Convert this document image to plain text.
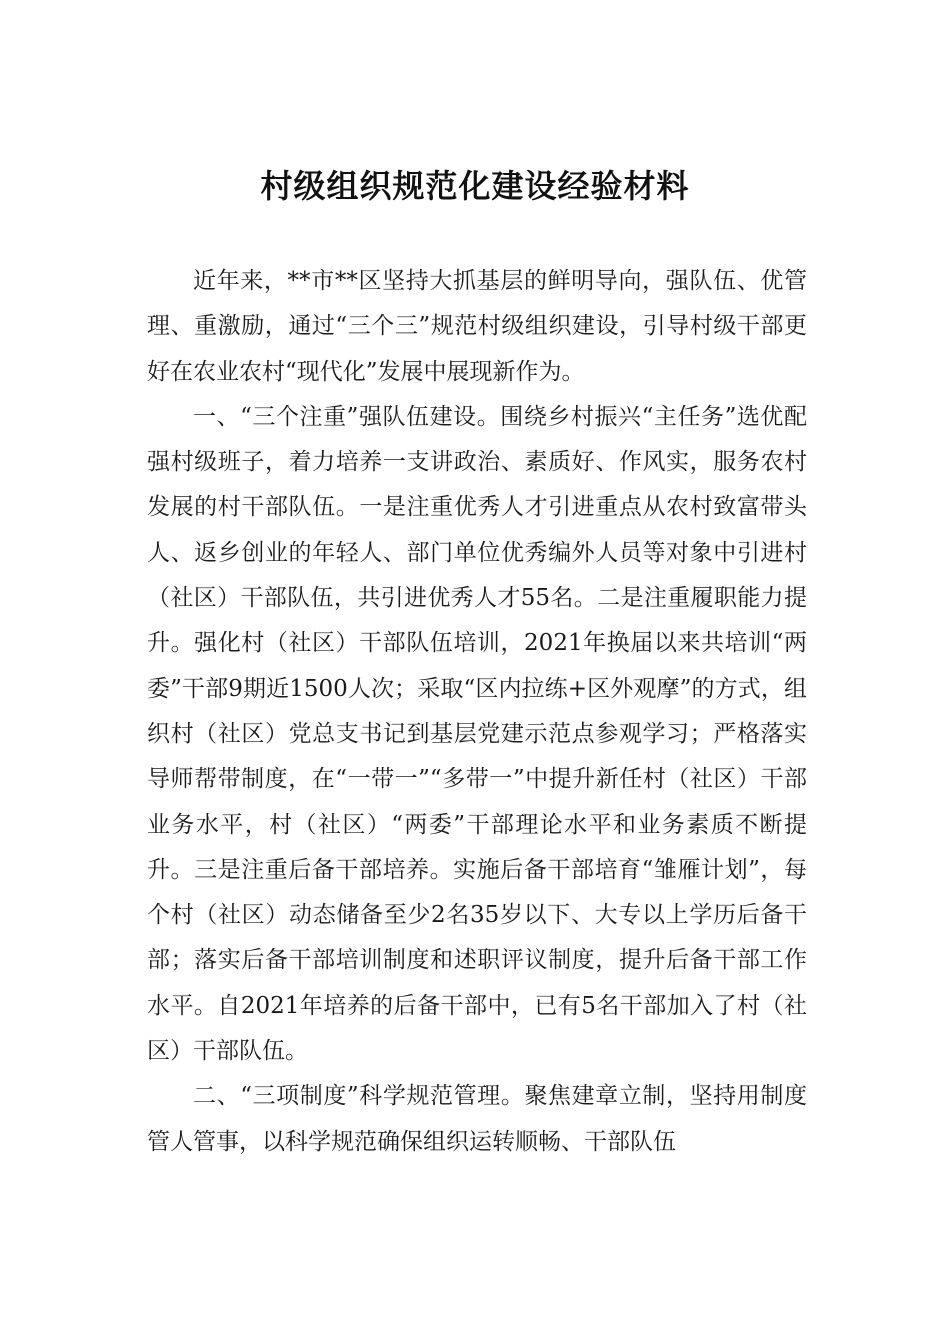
村级组织规范化建设经验材料

近年来，**市**区坚持大抓基层的鲜明导向，强队伍、优管理、重激励，通过“三个三”规范村级组织建设，引导村级干部更好在农业农村“现代化”发展中展现新作为。

一、“三个注重”强队伍建设。围绕乡村振兴“主任务”选优配强村级班子，着力培养一支讲政治、素质好、作风实，服务农村发展的村干部队伍。一是注重优秀人才引进重点从农村致富带头人、返乡创业的年轻人、部门单位优秀编外人员等对象中引进村（社区）干部队伍，共引进优秀人才55名。二是注重履职能力提升。强化村（社区）干部队伍培训，2021年换届以来共培训“两委”干部9期近1500人次；采取“区内拉练+区外观摩”的方式，组织村（社区）党总支书记到基层党建示范点参观学习；严格落实导师帮带制度，在“一带一”“多带一”中提升新任村（社区）干部业务水平，村（社区）“两委”干部理论水平和业务素质不断提升。三是注重后备干部培养。实施后备干部培育“雏雁计划”，每个村（社区）动态储备至少2名35岁以下、大专以上学历后备干部；落实后备干部培训制度和述职评议制度，提升后备干部工作水平。自2021年培养的后备干部中，已有5名干部加入了村（社区）干部队伍。

二、“三项制度”科学规范管理。聚焦建章立制，坚持用制度管人管事，以科学规范确保组织运转顺畅、干部队伍
